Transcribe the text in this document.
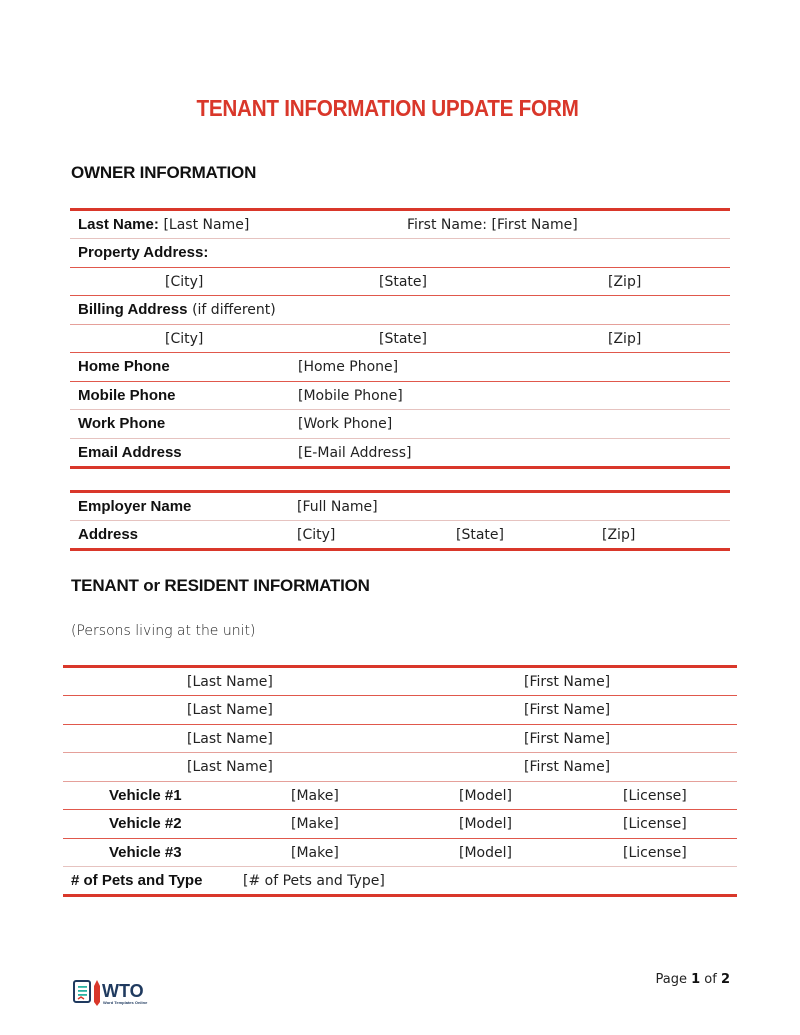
TENANT INFORMATION UPDATE FORM
OWNER INFORMATION
Last Name: [Last Name]	First Name: [First Name]
Property Address:
[City]	[State]	[Zip]
Billing Address (if different)
[City]	[State]	[Zip]
Home Phone	[Home Phone]
Mobile Phone	[Mobile Phone]
Work Phone	[Work Phone]
Email Address	[E-Mail Address]
Employer Name	[Full Name]
Address	[City]	[State]	[Zip]
TENANT or RESIDENT INFORMATION
(Persons living at the unit)
[Last Name]	[First Name]
[Last Name]	[First Name]
[Last Name]	[First Name]
[Last Name]	[First Name]
Vehicle #1	[Make]	[Model]	[License]
Vehicle #2	[Make]	[Model]	[License]
Vehicle #3	[Make]	[Model]	[License]
# of Pets and Type	[# of Pets and Type]
WTO
Word Templates Online
Page 1 of 2
